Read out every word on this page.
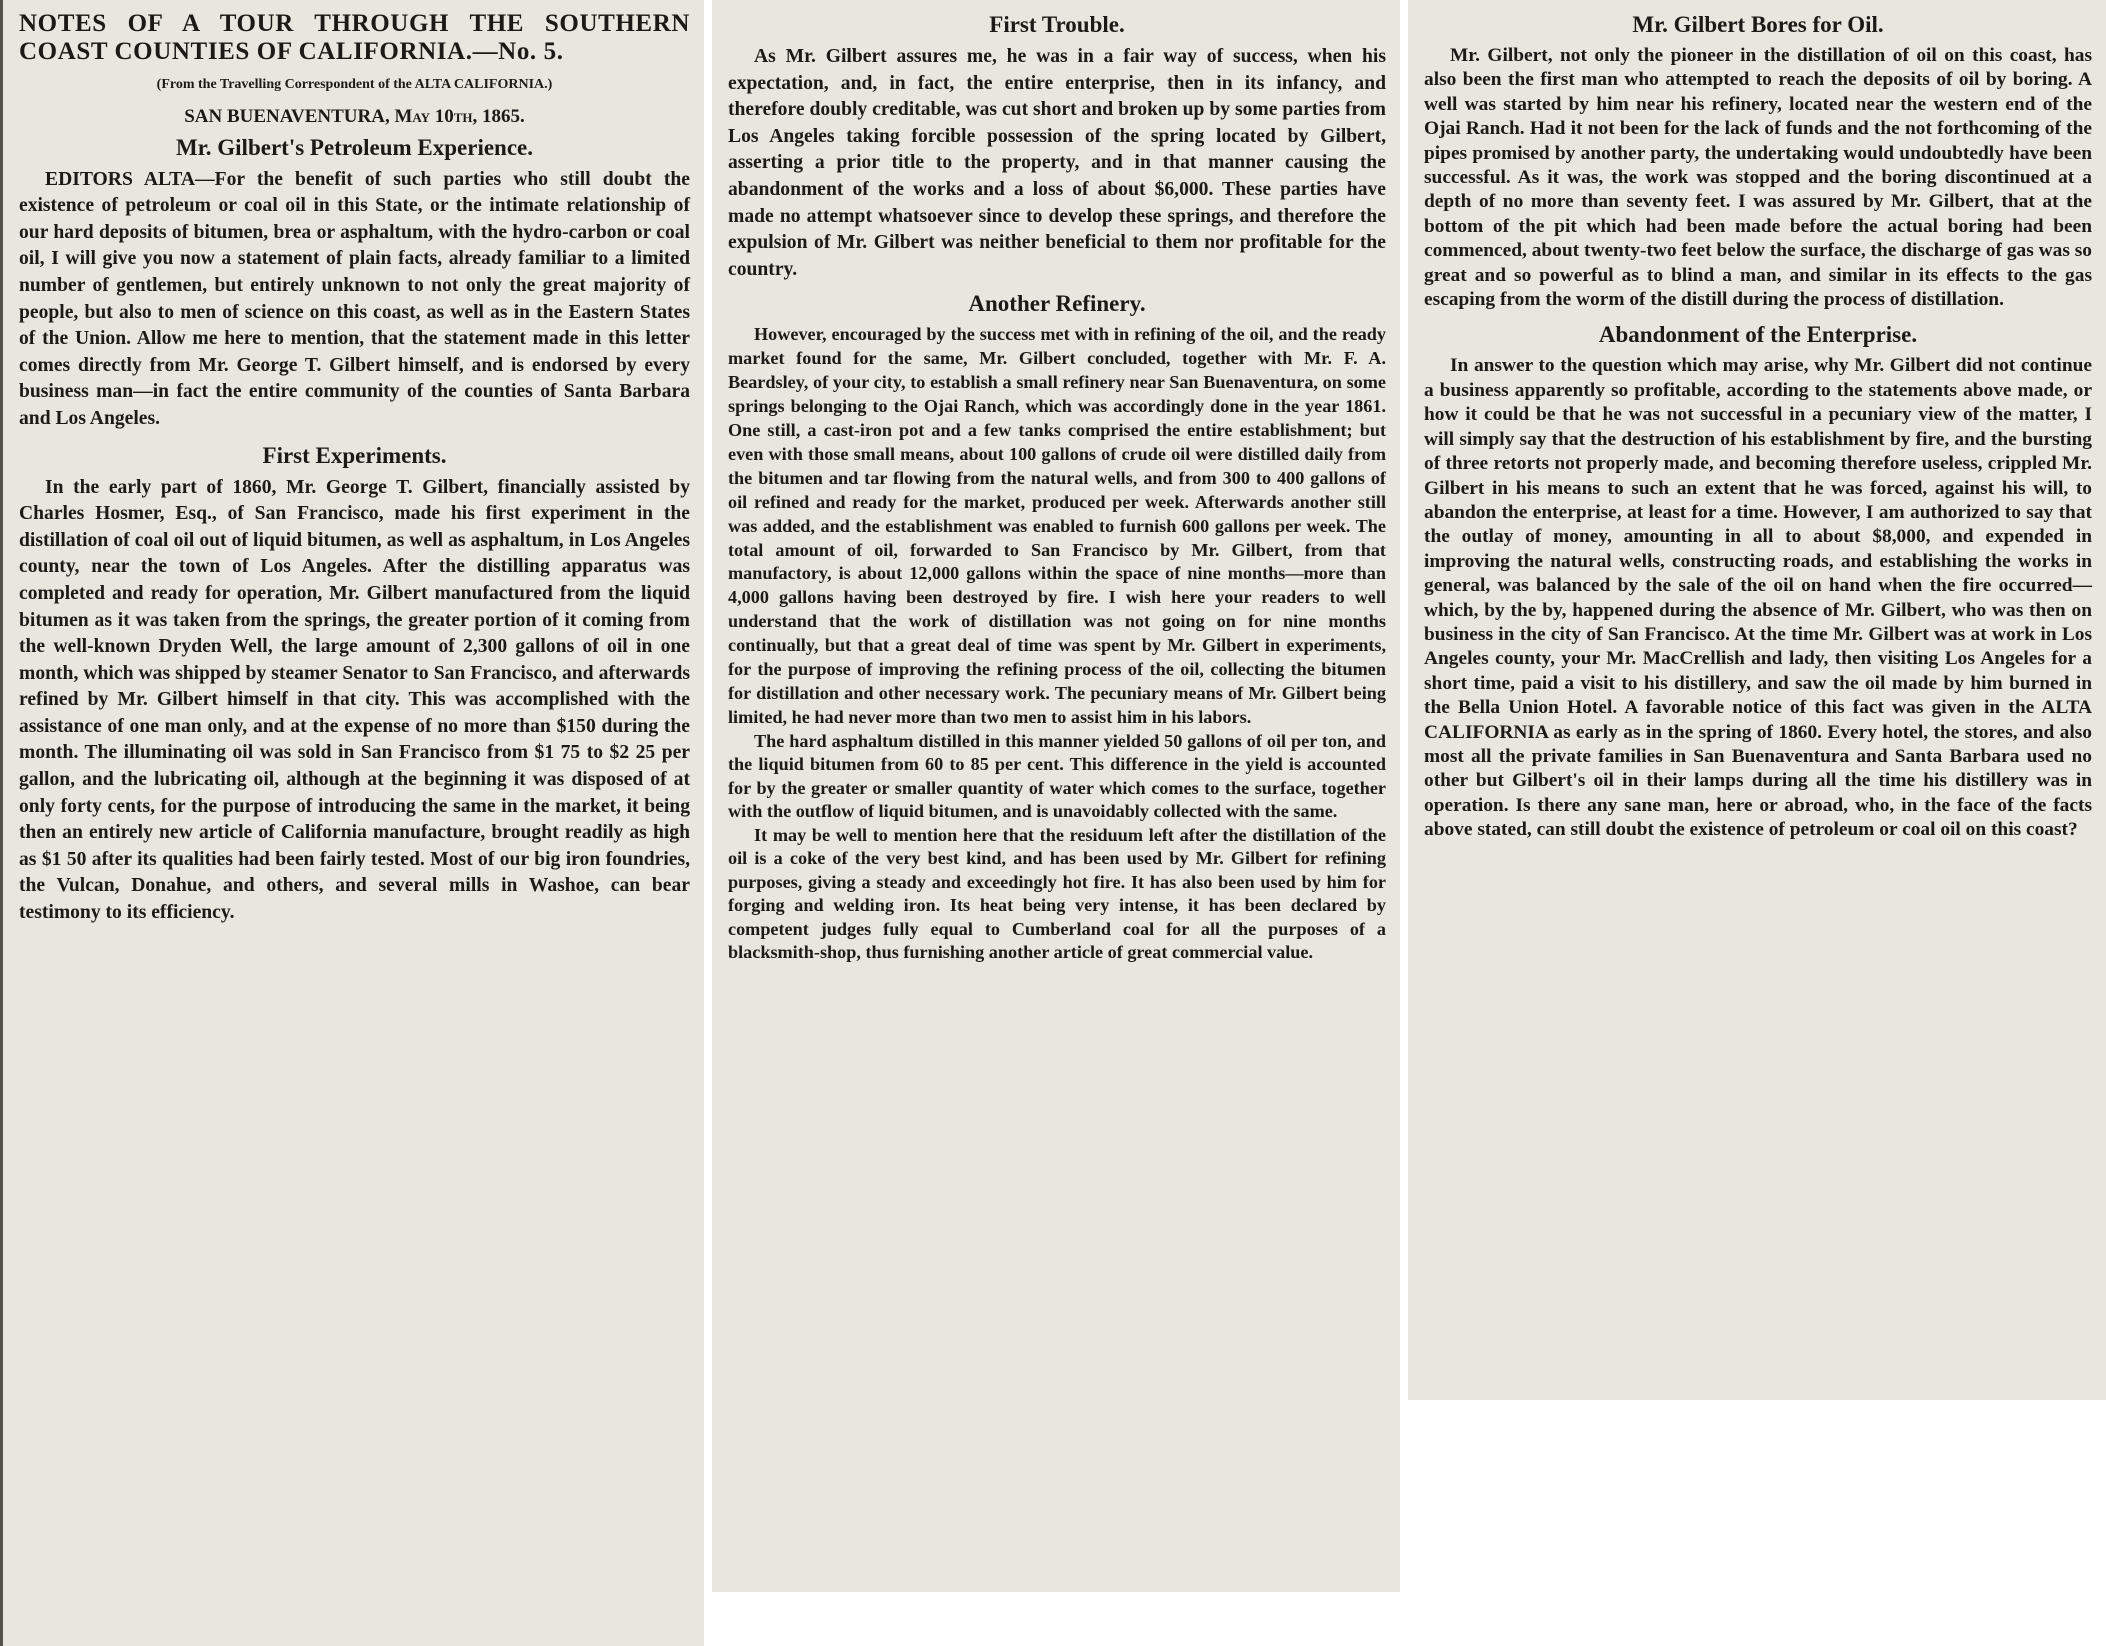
NOTES OF A TOUR THROUGH THE SOUTHERN COAST COUNTIES OF CALIFORNIA.—No. 5.
(From the Travelling Correspondent of the ALTA CALIFORNIA.)
SAN BUENAVENTURA, May 10th, 1865.
Mr. Gilbert's Petroleum Experience.

EDITORS ALTA—For the benefit of such parties who still doubt the existence of petroleum or coal oil in this State, or the intimate relationship of our hard deposits of bitumen, brea or asphaltum, with the hydro-carbon or coal oil, I will give you now a statement of plain facts, already familiar to a limited number of gentlemen, but entirely unknown to not only the great majority of people, but also to men of science on this coast, as well as in the Eastern States of the Union. Allow me here to mention, that the statement made in this letter comes directly from Mr. George T. Gilbert himself, and is endorsed by every business man—in fact the entire community of the counties of Santa Barbara and Los Angeles.

First Experiments.

In the early part of 1860, Mr. George T. Gilbert, financially assisted by Charles Hosmer, Esq., of San Francisco, made his first experiment in the distillation of coal oil out of liquid bitumen, as well as asphaltum, in Los Angeles county, near the town of Los Angeles. After the distilling apparatus was completed and ready for operation, Mr. Gilbert manufactured from the liquid bitumen as it was taken from the springs, the greater portion of it coming from the well-known Dryden Well, the large amount of 2,300 gallons of oil in one month, which was shipped by steamer Senator to San Francisco, and afterwards refined by Mr. Gilbert himself in that city. This was accomplished with the assistance of one man only, and at the expense of no more than $150 during the month. The illuminating oil was sold in San Francisco from $1 75 to $2 25 per gallon, and the lubricating oil, although at the beginning it was disposed of at only forty cents, for the purpose of introducing the same in the market, it being then an entirely new article of California manufacture, brought readily as high as $1 50 after its qualities had been fairly tested. Most of our big iron foundries, the Vulcan, Donahue, and others, and several mills in Washoe, can bear testimony to its efficiency.

First Trouble.

As Mr. Gilbert assures me, he was in a fair way of success, when his expectation, and, in fact, the entire enterprise, then in its infancy, and therefore doubly creditable, was cut short and broken up by some parties from Los Angeles taking forcible possession of the spring located by Gilbert, asserting a prior title to the property, and in that manner causing the abandonment of the works and a loss of about $6,000. These parties have made no attempt whatsoever since to develop these springs, and therefore the expulsion of Mr. Gilbert was neither beneficial to them nor profitable for the country.

Another Refinery.

However, encouraged by the success met with in refining of the oil, and the ready market found for the same, Mr. Gilbert concluded, together with Mr. F. A. Beardsley, of your city, to establish a small refinery near San Buenaventura, on some springs belonging to the Ojai Ranch, which was accordingly done in the year 1861. One still, a cast-iron pot and a few tanks comprised the entire establishment; but even with those small means, about 100 gallons of crude oil were distilled daily from the bitumen and tar flowing from the natural wells, and from 300 to 400 gallons of oil refined and ready for the market, produced per week. Afterwards another still was added, and the establishment was enabled to furnish 600 gallons per week. The total amount of oil, forwarded to San Francisco by Mr. Gilbert, from that manufactory, is about 12,000 gallons within the space of nine months—more than 4,000 gallons having been destroyed by fire. I wish here your readers to well understand that the work of distillation was not going on for nine months continually, but that a great deal of time was spent by Mr. Gilbert in experiments, for the purpose of improving the refining process of the oil, collecting the bitumen for distillation and other necessary work. The pecuniary means of Mr. Gilbert being limited, he had never more than two men to assist him in his labors.

The hard asphaltum distilled in this manner yielded 50 gallons of oil per ton, and the liquid bitumen from 60 to 85 per cent. This difference in the yield is accounted for by the greater or smaller quantity of water which comes to the surface, together with the outflow of liquid bitumen, and is unavoidably collected with the same.

It may be well to mention here that the residuum left after the distillation of the oil is a coke of the very best kind, and has been used by Mr. Gilbert for refining purposes, giving a steady and exceedingly hot fire. It has also been used by him for forging and welding iron. Its heat being very intense, it has been declared by competent judges fully equal to Cumberland coal for all the purposes of a blacksmith-shop, thus furnishing another article of great commercial value.

Mr. Gilbert Bores for Oil.

Mr. Gilbert, not only the pioneer in the distillation of oil on this coast, has also been the first man who attempted to reach the deposits of oil by boring. A well was started by him near his refinery, located near the western end of the Ojai Ranch. Had it not been for the lack of funds and the not forthcoming of the pipes promised by another party, the undertaking would undoubtedly have been successful. As it was, the work was stopped and the boring discontinued at a depth of no more than seventy feet. I was assured by Mr. Gilbert, that at the bottom of the pit which had been made before the actual boring had been commenced, about twenty-two feet below the surface, the discharge of gas was so great and so powerful as to blind a man, and similar in its effects to the gas escaping from the worm of the distill during the process of distillation.

Abandonment of the Enterprise.

In answer to the question which may arise, why Mr. Gilbert did not continue a business apparently so profitable, according to the statements above made, or how it could be that he was not successful in a pecuniary view of the matter, I will simply say that the destruction of his establishment by fire, and the bursting of three retorts not properly made, and becoming therefore useless, crippled Mr. Gilbert in his means to such an extent that he was forced, against his will, to abandon the enterprise, at least for a time. However, I am authorized to say that the outlay of money, amounting in all to about $8,000, and expended in improving the natural wells, constructing roads, and establishing the works in general, was balanced by the sale of the oil on hand when the fire occurred—which, by the by, happened during the absence of Mr. Gilbert, who was then on business in the city of San Francisco. At the time Mr. Gilbert was at work in Los Angeles county, your Mr. MacCrellish and lady, then visiting Los Angeles for a short time, paid a visit to his distillery, and saw the oil made by him burned in the Bella Union Hotel. A favorable notice of this fact was given in the ALTA CALIFORNIA as early as in the spring of 1860. Every hotel, the stores, and also most all the private families in San Buenaventura and Santa Barbara used no other but Gilbert's oil in their lamps during all the time his distillery was in operation. Is there any sane man, here or abroad, who, in the face of the facts above stated, can still doubt the existence of petroleum or coal oil on this coast?
